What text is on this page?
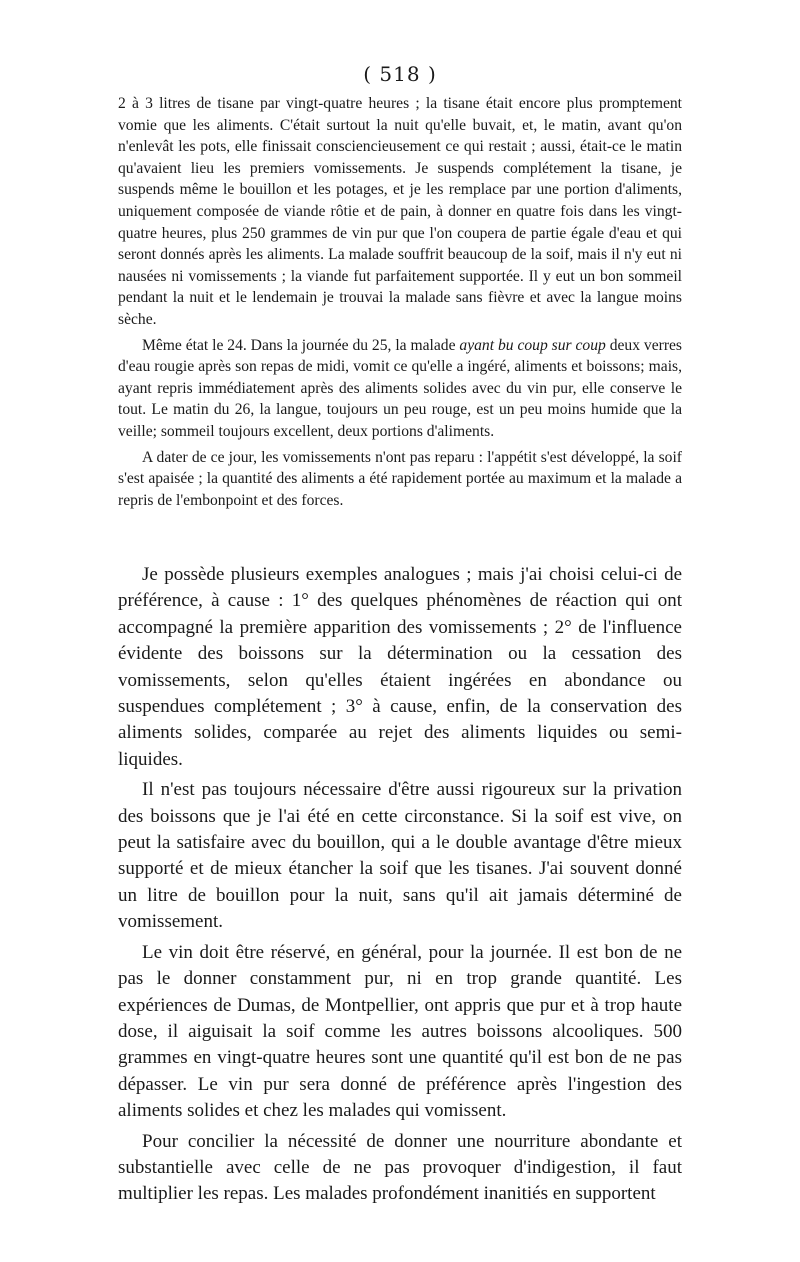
( 518 )

2 à 3 litres de tisane par vingt-quatre heures ; la tisane était encore plus promptement vomie que les aliments. C'était surtout la nuit qu'elle buvait, et, le matin, avant qu'on n'enlevât les pots, elle finissait consciencieusement ce qui restait ; aussi, était-ce le matin qu'avaient lieu les premiers vomissements. Je suspends complétement la tisane, je suspends même le bouillon et les potages, et je les remplace par une portion d'aliments, uniquement composée de viande rôtie et de pain, à donner en quatre fois dans les vingt-quatre heures, plus 250 grammes de vin pur que l'on coupera de partie égale d'eau et qui seront donnés après les aliments. La malade souffrit beaucoup de la soif, mais il n'y eut ni nausées ni vomissements ; la viande fut parfaitement supportée. Il y eut un bon sommeil pendant la nuit et le lendemain je trouvai la malade sans fièvre et avec la langue moins sèche.

Même état le 24. Dans la journée du 25, la malade ayant bu coup sur coup deux verres d'eau rougie après son repas de midi, vomit ce qu'elle a ingéré, aliments et boissons; mais, ayant repris immédiatement après des aliments solides avec du vin pur, elle conserve le tout. Le matin du 26, la langue, toujours un peu rouge, est un peu moins humide que la veille; sommeil toujours excellent, deux portions d'aliments.

A dater de ce jour, les vomissements n'ont pas reparu : l'appétit s'est développé, la soif s'est apaisée ; la quantité des aliments a été rapidement portée au maximum et la malade a repris de l'embonpoint et des forces.

Je possède plusieurs exemples analogues ; mais j'ai choisi celui-ci de préférence, à cause : 1° des quelques phénomènes de réaction qui ont accompagné la première apparition des vomissements ; 2° de l'influence évidente des boissons sur la détermination ou la cessation des vomissements, selon qu'elles étaient ingérées en abondance ou suspendues complétement ; 3° à cause, enfin, de la conservation des aliments solides, comparée au rejet des aliments liquides ou semi-liquides.

Il n'est pas toujours nécessaire d'être aussi rigoureux sur la privation des boissons que je l'ai été en cette circonstance. Si la soif est vive, on peut la satisfaire avec du bouillon, qui a le double avantage d'être mieux supporté et de mieux étancher la soif que les tisanes. J'ai souvent donné un litre de bouillon pour la nuit, sans qu'il ait jamais déterminé de vomissement.

Le vin doit être réservé, en général, pour la journée. Il est bon de ne pas le donner constamment pur, ni en trop grande quantité. Les expériences de Dumas, de Montpellier, ont appris que pur et à trop haute dose, il aiguisait la soif comme les autres boissons alcooliques. 500 grammes en vingt-quatre heures sont une quantité qu'il est bon de ne pas dépasser. Le vin pur sera donné de préférence après l'ingestion des aliments solides et chez les malades qui vomissent.

Pour concilier la nécessité de donner une nourriture abondante et substantielle avec celle de ne pas provoquer d'indigestion, il faut multiplier les repas. Les malades profondément inanitiés en supportent
